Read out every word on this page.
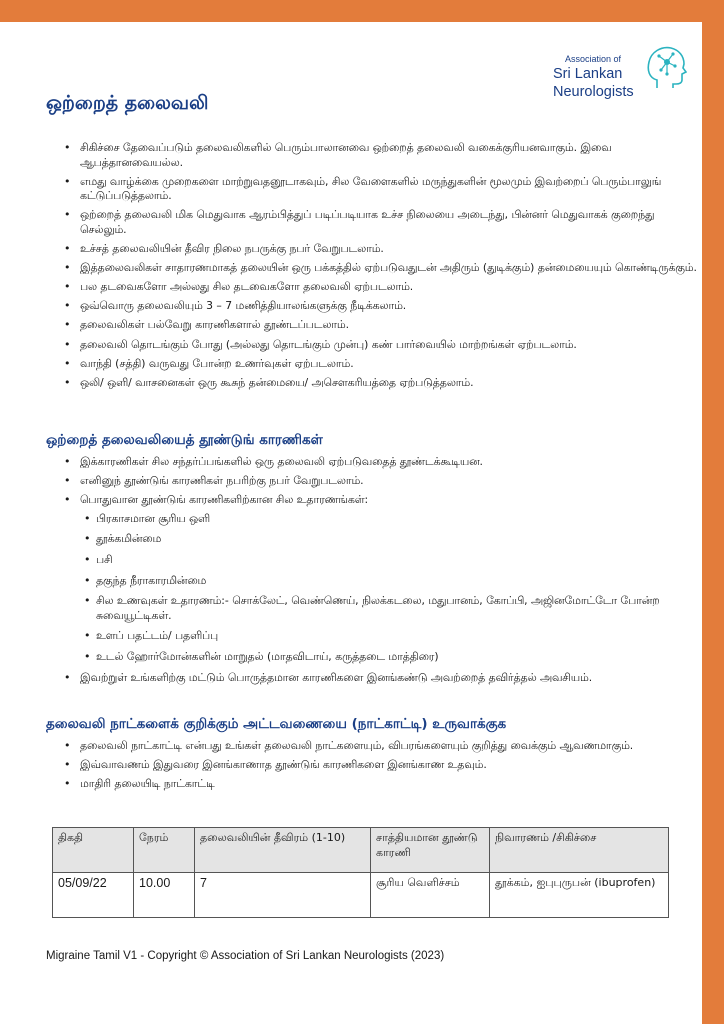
Association of
Sri Lankan
Neurologists
ஒற்றைத் தலைவலி
• சிகிச்சை தேவைப்படும் தலைவலிகளில் பெரும்பாலானவை ஒற்றைத் தலைவலி வகைக்குரியனவாகும். இவை ஆபத்தானவையல்ல.
• எமது வாழ்க்கை முறைகளை மாற்றுவதனூடாகவும், சில வேளைகளில் மருந்துகளின் மூலமும் இவற்றைப் பெரும்பாலுங் கட்டுப்படுத்தலாம்.
• ஒற்றைத் தலைவலி மிக மெதுவாக ஆரம்பித்துப் படிப்படியாக உச்ச நிலையை அடைந்து, பின்னர் மெதுவாகக் குறைந்து செல்லும்.
• உச்சத் தலைவலியின் தீவிர நிலை நபருக்கு நபர் வேறுபடலாம்.
• இத்தலைவலிகள் சாதாரணமாகத் தலையின் ஒரு பக்கத்தில் ஏற்படுவதுடன் அதிரும் (துடிக்கும்) தன்மையையும் கொண்டிருக்கும்.
• பல தடவைகளோ அல்லது சில தடவைகளோ தலைவலி ஏற்படலாம்.
• ஒவ்வொரு தலைவலியும் 3 – 7 மணித்தியாலங்களுக்கு நீடிக்கலாம்.
• தலைவலிகள் பல்வேறு காரணிகளால் தூண்டப்படலாம்.
• தலைவலி தொடங்கும் போது (அல்லது தொடங்கும் முன்பு) கண் பார்வையில் மாற்றங்கள் ஏற்படலாம்.
• வாந்தி (சத்தி) வருவது போன்ற உணர்வுகள் ஏற்படலாம்.
• ஒலி/ ஒளி/ வாசனைகள் ஒரு கூசுந் தன்மையை/ அசௌகரியத்தை ஏற்படுத்தலாம்.
ஒற்றைத் தலைவலியைத் தூண்டுங் காரணிகள்
• இக்காரணிகள் சில சந்தர்ப்பங்களில் ஒரு தலைவலி ஏற்படுவதைத் தூண்டக்கூடியன.
• எனினுந் தூண்டுங் காரணிகள் நபரிற்கு நபர் வேறுபடலாம்.
• பொதுவான தூண்டுங் காரணிகளிற்கான சில உதாரணங்கள்:
• பிரகாசமான சூரிய ஒளி
• தூக்கமின்மை
• பசி
• தகுந்த நீராகாரமின்மை
• சில உணவுகள் உதாரணம்:- சொக்லேட், வெண்ணெய், நிலக்கடலை, மதுபானம், கோப்பி, அஜினமோட்டோ போன்ற சுவையூட்டிகள்.
• உளப் பதட்டம்/ பதளிப்பு
• உடல் ஹோர்மோன்களின் மாறுதல் (மாதவிடாய், கருத்தடை மாத்திரை)
• இவற்றுள் உங்களிற்கு மட்டும் பொருத்தமான காரணிகளை இனங்கண்டு அவற்றைத் தவிர்த்தல் அவசியம்.
தலைவலி நாட்களைக் குறிக்கும் அட்டவணையை (நாட்காட்டி) உருவாக்குக
• தலைவலி நாட்காட்டி என்பது உங்கள் தலைவலி நாட்களையும், விபரங்களையும் குறித்து வைக்கும் ஆவணமாகும்.
• இவ்வாவணம் இதுவரை இனங்காணாத தூண்டுங் காரணிகளை இனங்காண உதவும்.
• மாதிரி தலையிடி நாட்காட்டி
திகதி	நேரம்	தலைவலியின் தீவிரம் (1-10)	சாத்தியமான தூண்டு காரணி	நிவாரணம் /சிகிச்சை
05/09/22	10.00	7	சூரிய வெளிச்சம்	தூக்கம், ஐபுபுருபன் (ibuprofen)
Migraine Tamil V1 - Copyright © Association of Sri Lankan Neurologists (2023)
